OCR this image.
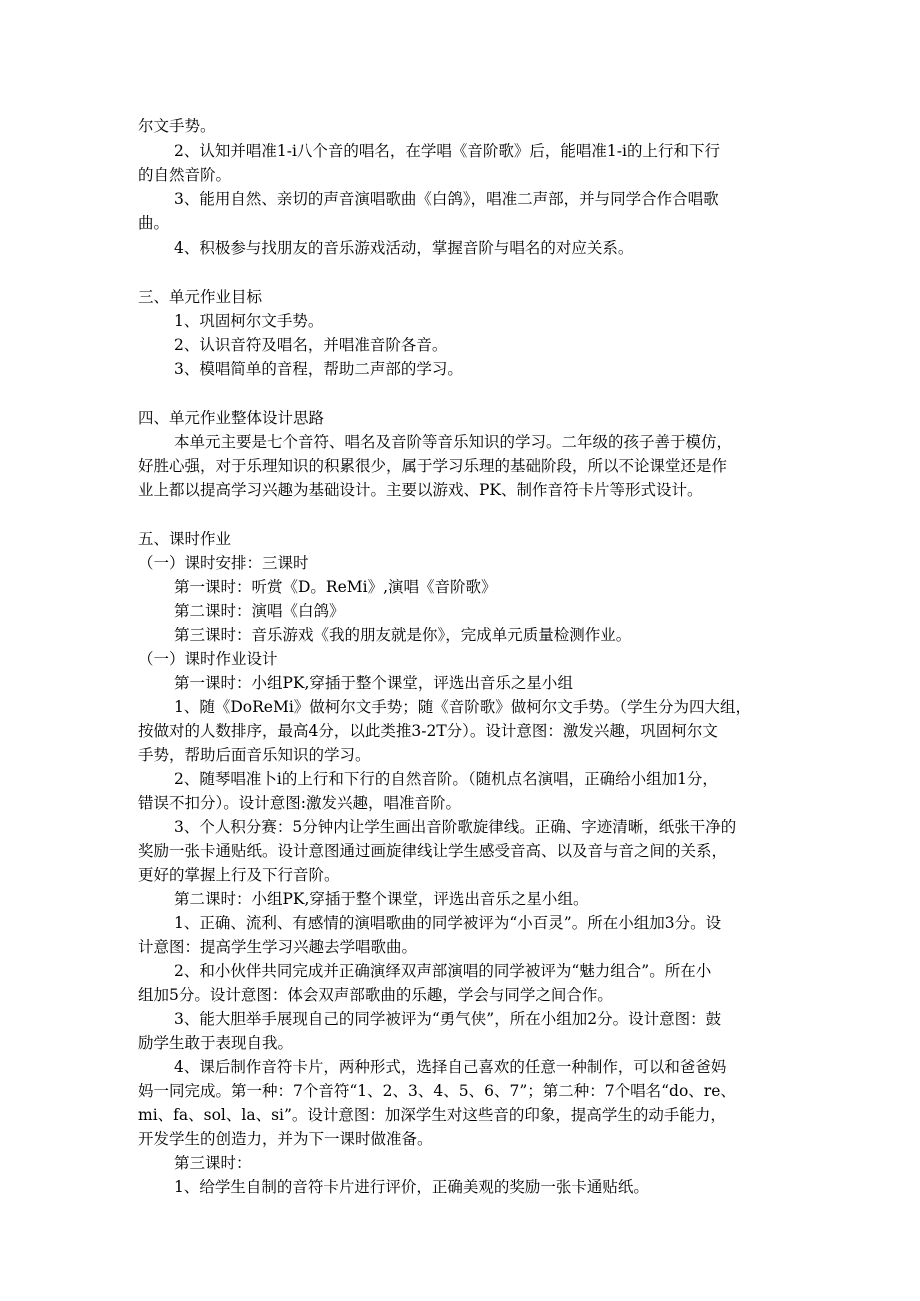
尔文手势。
2、认知并唱准1-i八个音的唱名，在学唱《音阶歌》后，能唱准1-i的上行和下行
的自然音阶。
3、能用自然、亲切的声音演唱歌曲《白鸽》，唱准二声部，并与同学合作合唱歌
曲。
4、积极参与找朋友的音乐游戏活动，掌握音阶与唱名的对应关系。
三、单元作业目标
1、巩固柯尔文手势。
2、认识音符及唱名，并唱准音阶各音。
3、模唱简单的音程，帮助二声部的学习。
四、单元作业整体设计思路
本单元主要是七个音符、唱名及音阶等音乐知识的学习。二年级的孩子善于模仿，
好胜心强，对于乐理知识的积累很少，属于学习乐理的基础阶段，所以不论课堂还是作
业上都以提高学习兴趣为基础设计。主要以游戏、PK、制作音符卡片等形式设计。
五、课时作业
（一）课时安排：三课时
第一课时：听赏《D。ReMi》,演唱《音阶歌》
第二课时：演唱《白鸽》
第三课时：音乐游戏《我的朋友就是你》，完成单元质量检测作业。
（一）课时作业设计
第一课时：小组PK,穿插于整个课堂，评选出音乐之星小组
1、随《DoReMi》做柯尔文手势；随《音阶歌》做柯尔文手势。（学生分为四大组，
按做对的人数排序，最高4分，以此类推3-2T分）。设计意图：激发兴趣，巩固柯尔文
手势，帮助后面音乐知识的学习。
2、随琴唱准卜i的上行和下行的自然音阶。（随机点名演唱，正确给小组加1分，
错误不扣分）。设计意图:激发兴趣，唱准音阶。
3、个人积分赛：5分钟内让学生画出音阶歌旋律线。正确、字迹清晰，纸张干净的
奖励一张卡通贴纸。设计意图通过画旋律线让学生感受音高、以及音与音之间的关系，
更好的掌握上行及下行音阶。
第二课时：小组PK,穿插于整个课堂，评选出音乐之星小组。
1、正确、流利、有感情的演唱歌曲的同学被评为“小百灵”。所在小组加3分。设
计意图：提高学生学习兴趣去学唱歌曲。
2、和小伙伴共同完成并正确演绎双声部演唱的同学被评为“魅力组合”。所在小
组加5分。设计意图：体会双声部歌曲的乐趣，学会与同学之间合作。
3、能大胆举手展现自己的同学被评为“勇气侠”，所在小组加2分。设计意图：鼓
励学生敢于表现自我。
4、课后制作音符卡片，两种形式，选择自己喜欢的任意一种制作，可以和爸爸妈
妈一同完成。第一种：7个音符“1、2、3、4、5、6、7”；第二种：7个唱名“do、re、
mi、fa、sol、la、si”。设计意图：加深学生对这些音的印象，提高学生的动手能力，
开发学生的创造力，并为下一课时做准备。
第三课时：
1、给学生自制的音符卡片进行评价，正确美观的奖励一张卡通贴纸。
